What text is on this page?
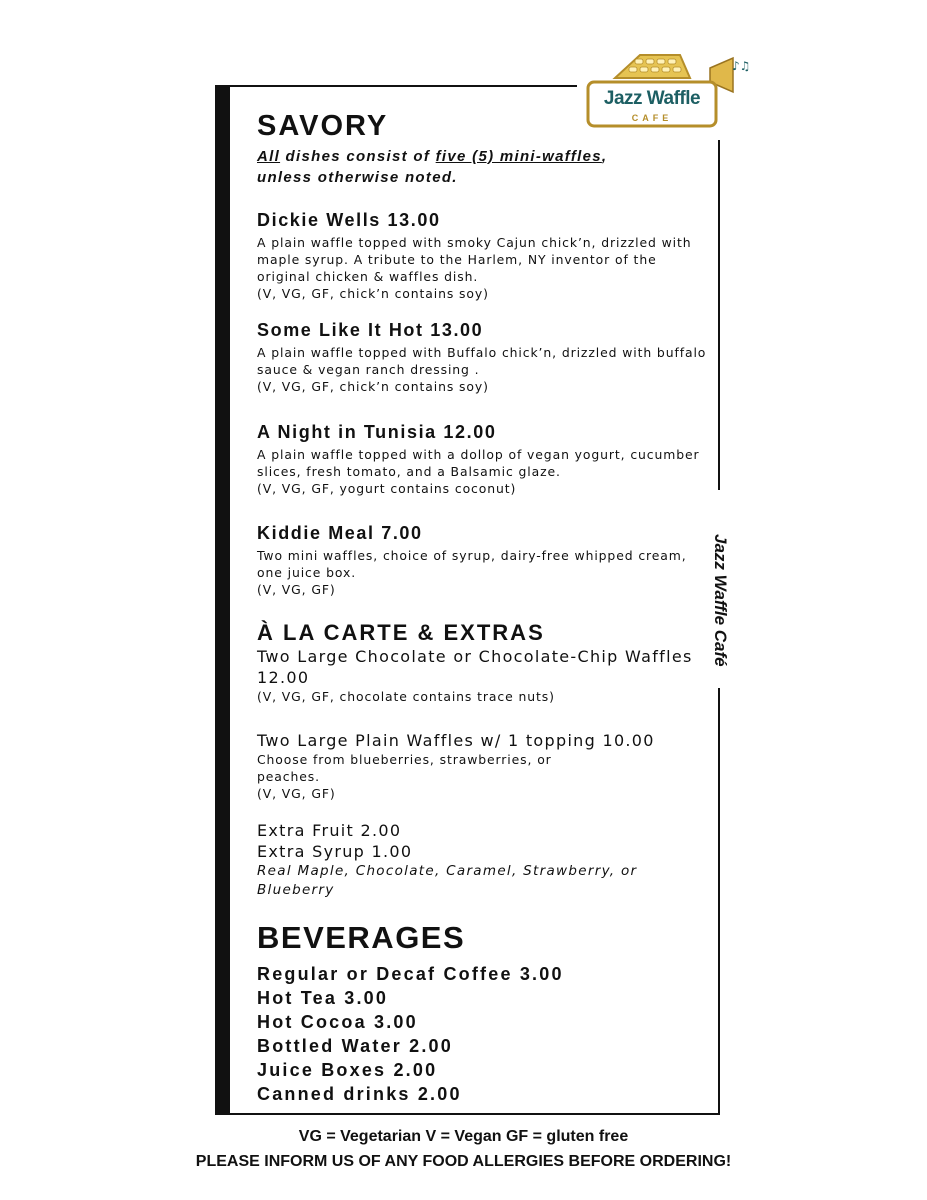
♪♫
Jazz Waffle
CAFE
Jazz Waffle Café
SAVORY

All dishes consist of five (5) mini-waffles,
unless otherwise noted.

Dickie Wells 13.00

A plain waffle topped with smoky Cajun chick’n, drizzled with maple syrup. A tribute to the Harlem, NY inventor of the original chicken & waffles dish.

(V, VG, GF, chick’n contains soy)

Some Like It Hot 13.00

A plain waffle topped with Buffalo chick’n, drizzled with buffalo sauce & vegan ranch dressing .

(V, VG, GF, chick’n contains soy)

A Night in Tunisia 12.00

A plain waffle topped with a dollop of vegan yogurt, cucumber slices, fresh tomato, and a Balsamic glaze.

(V, VG, GF, yogurt contains coconut)

Kiddie Meal 7.00

Two mini waffles, choice of syrup, dairy-free whipped cream, one juice box.

(V, VG, GF)

À LA CARTE & EXTRAS

Two Large Chocolate or Chocolate-Chip Waffles 12.00

(V, VG, GF, chocolate contains trace nuts)

Two Large Plain Waffles w/ 1 topping 10.00

Choose from blueberries, strawberries, or peaches.

(V, VG, GF)

Extra Fruit 2.00

Extra Syrup 1.00

Real Maple, Chocolate, Caramel, Strawberry, or Blueberry

BEVERAGES

Regular or Decaf Coffee 3.00

Hot Tea 3.00

Hot Cocoa 3.00

Bottled Water 2.00

Juice Boxes 2.00

Canned drinks 2.00

VG = Vegetarian V = Vegan GF = gluten free
PLEASE INFORM US OF ANY FOOD ALLERGIES BEFORE ORDERING!
